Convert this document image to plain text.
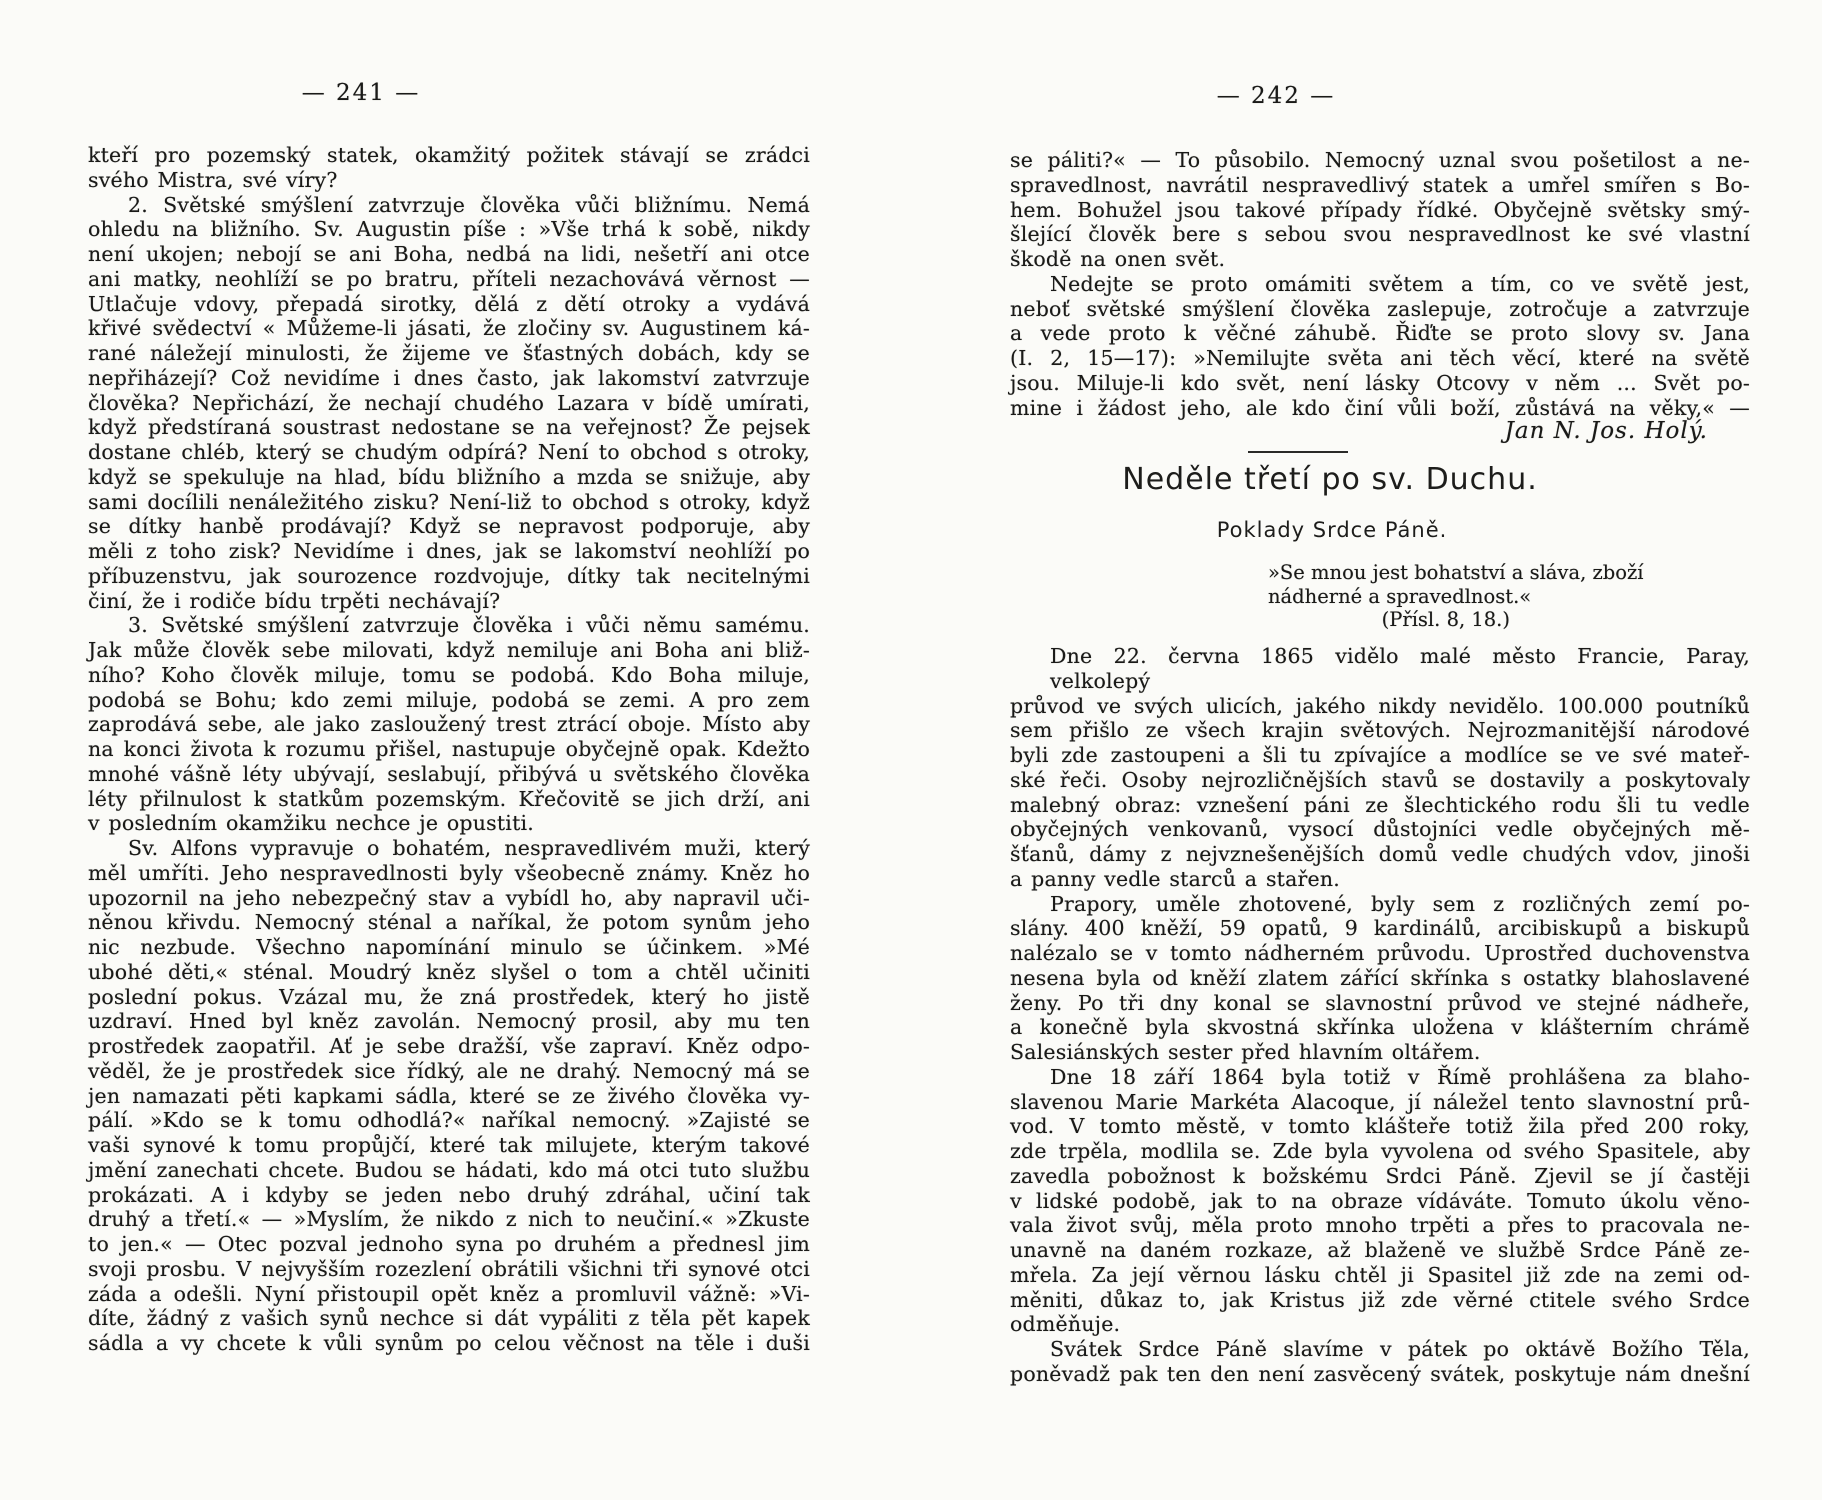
— 241 —	— 242 —
kteří pro pozemský statek, okamžitý požitek stávají se zrádci
svého Mistra, své víry?
2. Světské smýšlení zatvrzuje člověka vůči bližnímu. Nemá
ohledu na bližního. Sv. Augustin píše : »Vše trhá k sobě, nikdy
není ukojen; nebojí se ani Boha, nedbá na lidi, nešetří ani otce
ani matky, neohlíží se po bratru, příteli nezachovává věrnost —
Utlačuje vdovy, přepadá sirotky, dělá z dětí otroky a vydává
křivé svědectví « Můžeme-li jásati, že zločiny sv. Augustinem ká-
rané náležejí minulosti, že žijeme ve šťastných dobách, kdy se
nepřiházejí? Což nevidíme i dnes často, jak lakomství zatvrzuje
člověka? Nepřichází, že nechají chudého Lazara v bídě umírati,
když předstíraná soustrast nedostane se na veřejnost? Že pejsek
dostane chléb, který se chudým odpírá? Není to obchod s otroky,
když se spekuluje na hlad, bídu bližního a mzda se snižuje, aby
sami docílili nenáležitého zisku? Není-liž to obchod s otroky, když
se dítky hanbě prodávají? Když se nepravost podporuje, aby
měli z toho zisk? Nevidíme i dnes, jak se lakomství neohlíží po
příbuzenstvu, jak sourozence rozdvojuje, dítky tak necitelnými
činí, že i rodiče bídu trpěti nechávají?
3. Světské smýšlení zatvrzuje člověka i vůči němu samému.
Jak může člověk sebe milovati, když nemiluje ani Boha ani bliž-
ního? Koho člověk miluje, tomu se podobá. Kdo Boha miluje,
podobá se Bohu; kdo zemi miluje, podobá se zemi. A pro zem
zaprodává sebe, ale jako zasloužený trest ztrácí oboje. Místo aby
na konci života k rozumu přišel, nastupuje obyčejně opak. Kdežto
mnohé vášně léty ubývají, seslabují, přibývá u světského člověka
léty přilnulost k statkům pozemským. Křečovitě se jich drží, ani
v posledním okamžiku nechce je opustiti.
Sv. Alfons vypravuje o bohatém, nespravedlivém muži, který
měl umříti. Jeho nespravedlnosti byly všeobecně známy. Kněz ho
upozornil na jeho nebezpečný stav a vybídl ho, aby napravil uči-
něnou křivdu. Nemocný sténal a naříkal, že potom synům jeho
nic nezbude. Všechno napomínání minulo se účinkem. »Mé
ubohé děti,« sténal. Moudrý kněz slyšel o tom a chtěl učiniti
poslední pokus. Vzázal mu, že zná prostředek, který ho jistě
uzdraví. Hned byl kněz zavolán. Nemocný prosil, aby mu ten
prostředek zaopatřil. Ať je sebe dražší, vše zapraví. Kněz odpo-
věděl, že je prostředek sice řídký, ale ne drahý. Nemocný má se
jen namazati pěti kapkami sádla, které se ze živého člověka vy-
pálí. »Kdo se k tomu odhodlá?« naříkal nemocný. »Zajisté se
vaši synové k tomu propůjčí, které tak milujete, kterým takové
jmění zanechati chcete. Budou se hádati, kdo má otci tuto službu
prokázati. A i kdyby se jeden nebo druhý zdráhal, učiní tak
druhý a třetí.« — »Myslím, že nikdo z nich to neučiní.« »Zkuste
to jen.« — Otec pozval jednoho syna po druhém a přednesl jim
svoji prosbu. V nejvyšším rozezlení obrátili všichni tři synové otci
záda a odešli. Nyní přistoupil opět kněz a promluvil vážně: »Vi-
díte, žádný z vašich synů nechce si dát vypáliti z těla pět kapek
sádla a vy chcete k vůli synům po celou věčnost na těle i duši
se páliti?« — To působilo. Nemocný uznal svou pošetilost a ne-
spravedlnost, navrátil nespravedlivý statek a umřel smířen s Bo-
hem. Bohužel jsou takové případy řídké. Obyčejně světsky smý-
šlející člověk bere s sebou svou nespravedlnost ke své vlastní
škodě na onen svět.
Nedejte se proto omámiti světem a tím, co ve světě jest,
neboť světské smýšlení člověka zaslepuje, zotročuje a zatvrzuje
a vede proto k věčné záhubě. Řiďte se proto slovy sv. Jana
(I. 2, 15—17): »Nemilujte světa ani těch věcí, které na světě
jsou. Miluje-li kdo svět, není lásky Otcovy v něm ... Svět po-
mine i žádost jeho, ale kdo činí vůli boží, zůstává na věky,« —
Jan N. Jos. Holý.
Neděle třetí po sv. Duchu.
Poklady Srdce Páně.
»Se mnou jest bohatství a sláva, zboží
nádherné a spravedlnost.«
(Přísl. 8, 18.)
Dne 22. června 1865 vidělo malé město Francie, Paray, velkolepý
průvod ve svých ulicích, jakého nikdy nevidělo. 100.000 poutníků
sem přišlo ze všech krajin světových. Nejrozmanitější národové
byli zde zastoupeni a šli tu zpívajíce a modlíce se ve své mateř-
ské řeči. Osoby nejrozličnějších stavů se dostavily a poskytovaly
malebný obraz: vznešení páni ze šlechtického rodu šli tu vedle
obyčejných venkovanů, vysocí důstojníci vedle obyčejných mě-
šťanů, dámy z nejvznešenějších domů vedle chudých vdov, jinoši
a panny vedle starců a stařen.
Prapory, uměle zhotovené, byly sem z rozličných zemí po-
slány. 400 kněží, 59 opatů, 9 kardinálů, arcibiskupů a biskupů
nalézalo se v tomto nádherném průvodu. Uprostřed duchovenstva
nesena byla od kněží zlatem zářící skřínka s ostatky blahoslavené
ženy. Po tři dny konal se slavnostní průvod ve stejné nádheře,
a konečně byla skvostná skřínka uložena v klášterním chrámě
Salesiánských sester před hlavním oltářem.
Dne 18 září 1864 byla totiž v Římě prohlášena za blaho-
slavenou Marie Markéta Alacoque, jí náležel tento slavnostní prů-
vod. V tomto městě, v tomto klášteře totiž žila před 200 roky,
zde trpěla, modlila se. Zde byla vyvolena od svého Spasitele, aby
zavedla pobožnost k božskému Srdci Páně. Zjevil se jí častěji
v lidské podobě, jak to na obraze vídáváte. Tomuto úkolu věno-
vala život svůj, měla proto mnoho trpěti a přes to pracovala ne-
unavně na daném rozkaze, až blaženě ve službě Srdce Páně ze-
mřela. Za její věrnou lásku chtěl ji Spasitel již zde na zemi od-
měniti, důkaz to, jak Kristus již zde věrné ctitele svého Srdce
odměňuje.
Svátek Srdce Páně slavíme v pátek po oktávě Božího Těla,
poněvadž pak ten den není zasvěcený svátek, poskytuje nám dnešní
